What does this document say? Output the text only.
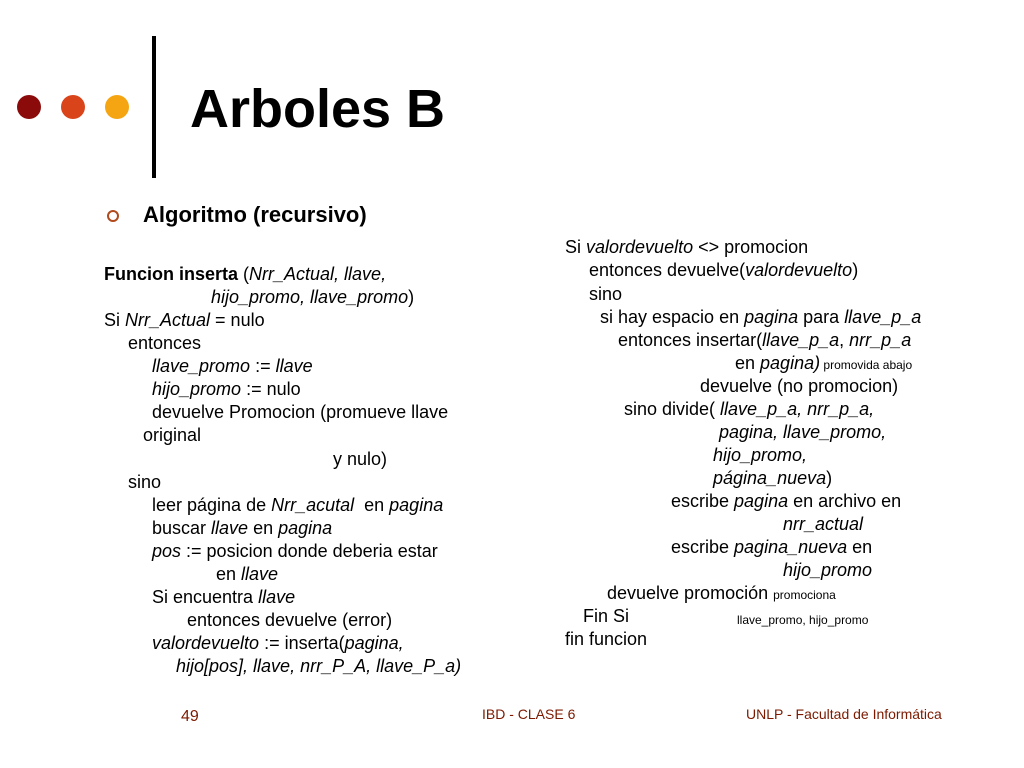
Arboles B
Algoritmo (recursivo)
Funcion inserta (Nrr_Actual, llave,
hijo_promo, llave_promo)
Si Nrr_Actual = nulo
entonces
llave_promo := llave
hijo_promo := nulo
devuelve Promocion (promueve llave
original
y nulo)
sino
leer página de Nrr_acutal  en pagina
buscar llave en pagina
pos := posicion donde deberia estar
en llave
Si encuentra llave
entonces devuelve (error)
valordevuelto := inserta(pagina,
hijo[pos], llave, nrr_P_A, llave_P_a)
Si valordevuelto <> promocion
entonces devuelve(valordevuelto)
sino
si hay espacio en pagina para llave_p_a
entonces insertar(llave_p_a, nrr_p_a
en pagina) promovida abajo
devuelve (no promocion)
sino divide( llave_p_a, nrr_p_a,
pagina, llave_promo,
hijo_promo,
página_nueva)
escribe pagina en archivo en
nrr_actual
escribe pagina_nueva en
hijo_promo
devuelve promoción promociona
Fin Si	llave_promo, hijo_promo
fin funcion
49	IBD - CLASE 6	UNLP - Facultad de Informática
